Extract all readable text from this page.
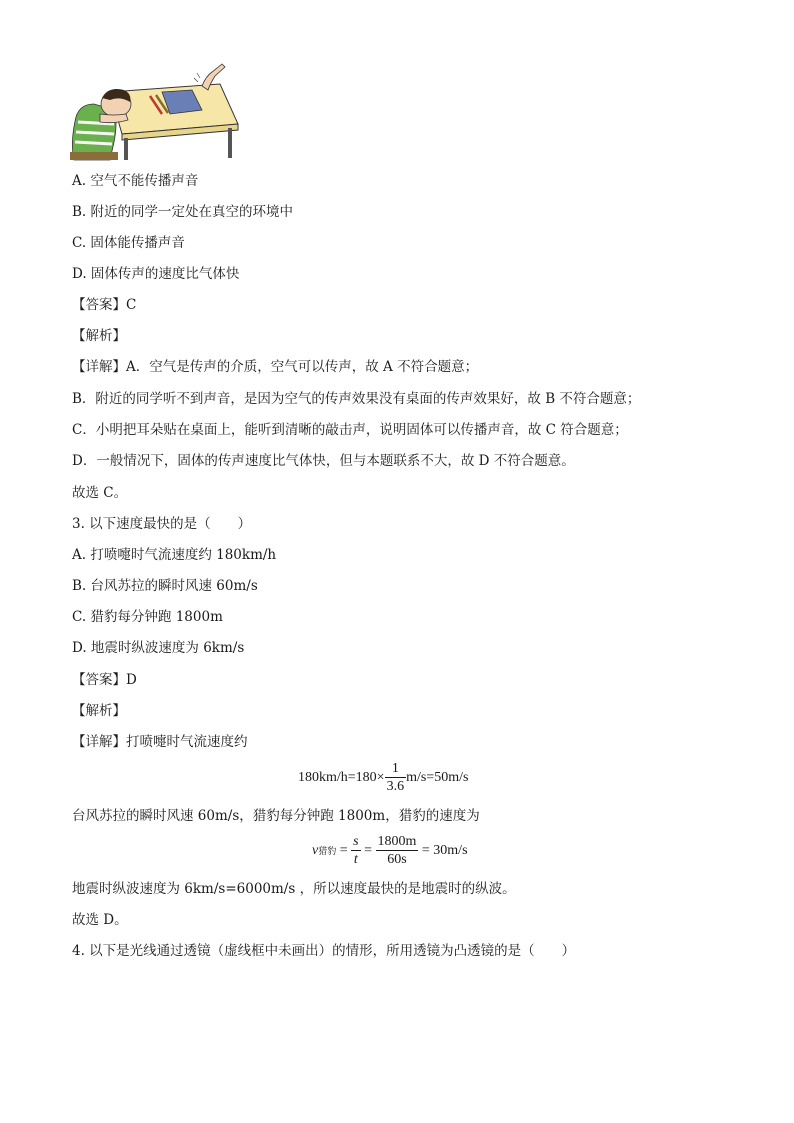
A. 空气不能传播声音
B. 附近的同学一定处在真空的环境中
C. 固体能传播声音
D. 固体传声的速度比气体快
【答案】C
【解析】
【详解】A．空气是传声的介质，空气可以传声，故 A 不符合题意；
B．附近的同学听不到声音，是因为空气的传声效果没有桌面的传声效果好，故 B 不符合题意；
C．小明把耳朵贴在桌面上，能听到清晰的敲击声，说明固体可以传播声音，故 C 符合题意；
D．一般情况下，固体的传声速度比气体快，但与本题联系不大，故 D 不符合题意。
故选 C。
3. 以下速度最快的是（　　）
A. 打喷嚏时气流速度约 180km/h
B. 台风苏拉的瞬时风速 60m/s
C. 猎豹每分钟跑 1800m
D. 地震时纵波速度为 6km/s
【答案】D
【解析】
【详解】打喷嚏时气流速度约
$180km/h=180\times \frac{1}{3.6} m/s=50m/s$
台风苏拉的瞬时风速 60m/s，猎豹每分钟跑 1800m，猎豹的速度为
v 猎豹 = $\frac{s}{t} = \frac{1800m}{60s} = 30m/s$
地震时纵波速度为 6km/s=6000m/s ，所以速度最快的是地震时的纵波。
故选 D。
4. 以下是光线通过透镜（虚线框中未画出）的情形，所用透镜为凸透镜的是（　　）
